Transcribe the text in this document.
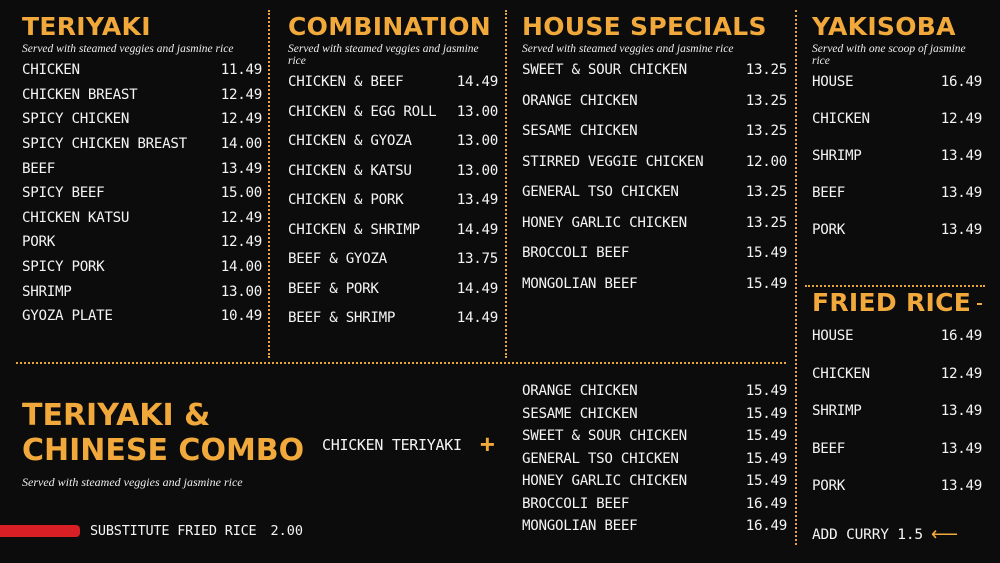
TERIYAKI
Served with steamed veggies and jasmine rice
CHICKEN	11.49
CHICKEN BREAST	12.49
SPICY CHICKEN	12.49
SPICY CHICKEN BREAST 14.00
BEEF	13.49
SPICY BEEF	15.00
CHICKEN KATSU	12.49
PORK	12.49
SPICY PORK	14.00
SHRIMP	13.00
GYOZA PLATE	10.49
COMBINATION
Served with steamed veggies and jasmine rice
CHICKEN & BEEF	14.49
CHICKEN & EGG ROLL 13.00
CHICKEN & GYOZA	13.00
CHICKEN & KATSU	13.00
CHICKEN & PORK	13.49
CHICKEN & SHRIMP	14.49
BEEF & GYOZA	13.75
BEEF & PORK	14.49
BEEF & SHRIMP	14.49
HOUSE SPECIALS
Served with steamed veggies and jasmine rice
SWEET & SOUR CHICKEN	13.25
ORANGE CHICKEN	13.25
SESAME CHICKEN	13.25
STIRRED VEGGIE CHICKEN	12.00
GENERAL TSO CHICKEN	13.25
HONEY GARLIC CHICKEN	13.25
BROCCOLI BEEF	15.49
MONGOLIAN BEEF	15.49
YAKISOBA
Served with one scoop of jasmine rice
HOUSE	16.49
CHICKEN	12.49
SHRIMP	13.49
BEEF	13.49
PORK	13.49
FRIED RICE
HOUSE	16.49
CHICKEN	12.49
SHRIMP	13.49
BEEF	13.49
PORK	13.49
ADD CURRY 1.5 ⟵
TERIYAKI &
CHINESE COMBO
Served with steamed veggies and jasmine rice
CHICKEN TERIYAKI +
ORANGE CHICKEN	15.49
SESAME CHICKEN	15.49
SWEET & SOUR CHICKEN	15.49
GENERAL TSO CHICKEN	15.49
HONEY GARLIC CHICKEN	15.49
BROCCOLI BEEF	16.49
MONGOLIAN BEEF	16.49
SUBSTITUTE FRIED RICE 2.00
